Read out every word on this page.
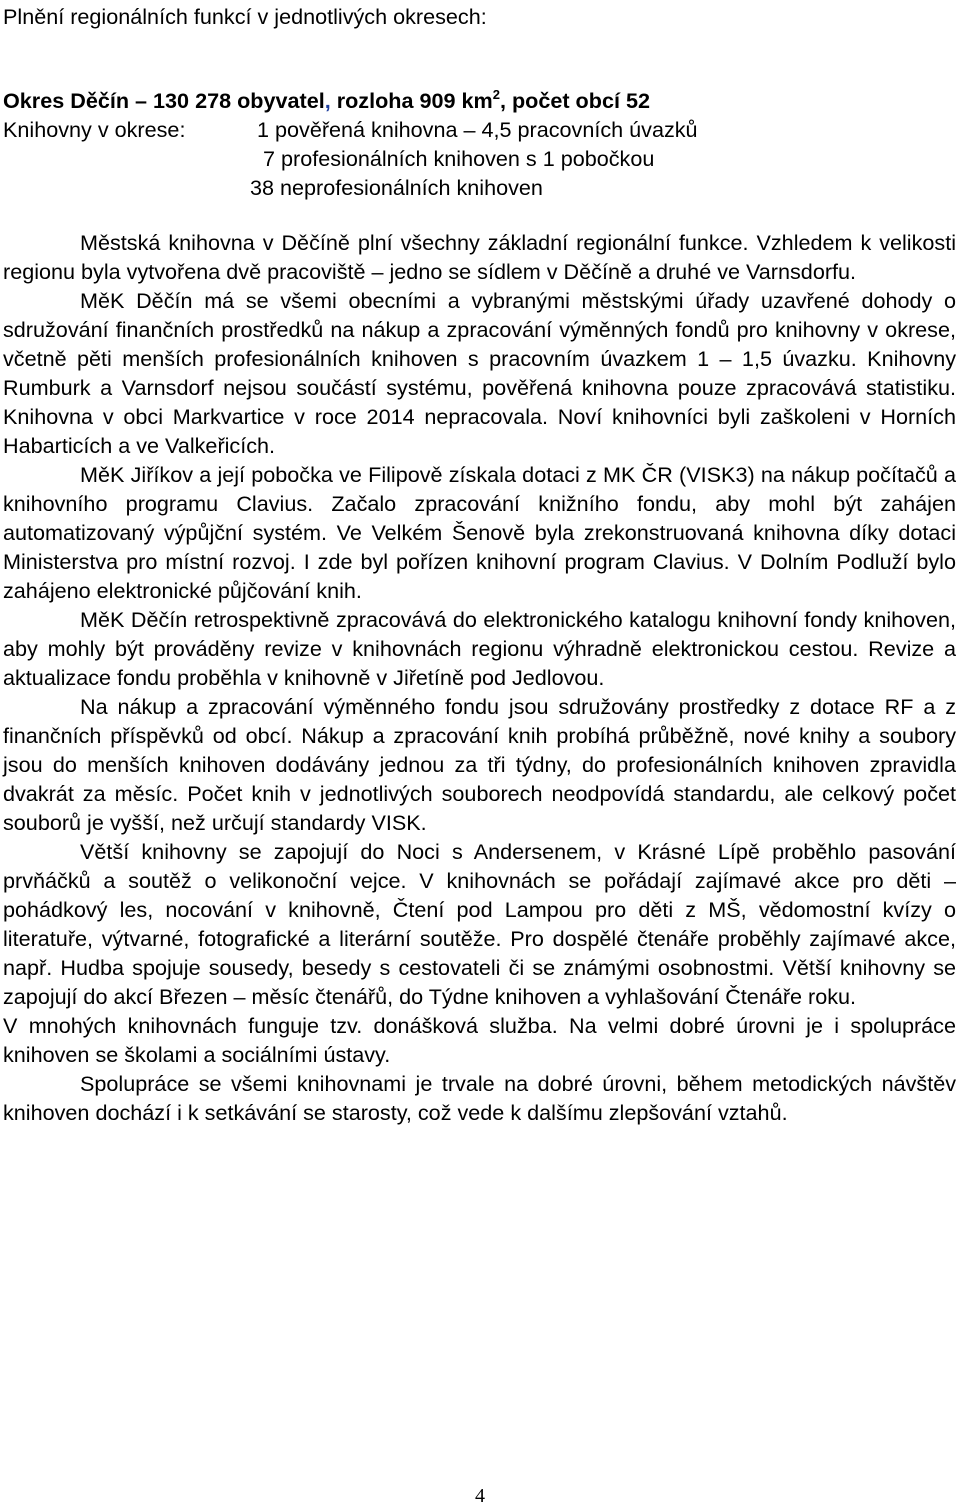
Plnění regionálních funkcí v jednotlivých okresech:

Okres Děčín – 130 278 obyvatel, rozloha 909 $km^2$, počet obcí 52

Knihovny v okrese:	1 pověřená knihovna – 4,5 pracovních úvazků
7 profesionálních knihoven s 1 pobočkou
38 neprofesionálních knihoven

Městská knihovna v Děčíně plní všechny základní regionální funkce. Vzhledem k velikosti regionu byla vytvořena dvě pracoviště – jedno se sídlem v Děčíně a druhé ve Varnsdorfu.

MěK Děčín má se všemi obecními a vybranými městskými úřady uzavřené dohody o sdružování finančních prostředků na nákup a zpracování výměnných fondů pro knihovny v okrese, včetně pěti menších profesionálních knihoven s pracovním úvazkem 1 – 1,5 úvazku. Knihovny Rumburk a Varnsdorf nejsou součástí systému, pověřená knihovna pouze zpracovává statistiku. Knihovna v obci Markvartice v roce 2014 nepracovala. Noví knihovníci byli zaškoleni v Horních Habarticích a ve Valkeřicích.

MěK Jiříkov a její pobočka ve Filipově získala dotaci z MK ČR (VISK3) na nákup počítačů a knihovního programu Clavius. Začalo zpracování knižního fondu, aby mohl být zahájen automatizovaný výpůjční systém. Ve Velkém Šenově byla zrekonstruovaná knihovna díky dotaci Ministerstva pro místní rozvoj. I zde byl pořízen knihovní program Clavius. V Dolním Podluží bylo zahájeno elektronické půjčování knih.

MěK Děčín retrospektivně zpracovává do elektronického katalogu knihovní fondy knihoven, aby mohly být prováděny revize v knihovnách regionu výhradně elektronickou cestou. Revize a aktualizace fondu proběhla v knihovně v Jiřetíně pod Jedlovou.

Na nákup a zpracování výměnného fondu jsou sdružovány prostředky z dotace RF a z finančních příspěvků od obcí. Nákup a zpracování knih probíhá průběžně, nové knihy a soubory jsou do menších knihoven dodávány jednou za tři týdny, do profesionálních knihoven zpravidla dvakrát za měsíc. Počet knih v jednotlivých souborech neodpovídá standardu, ale celkový počet souborů je vyšší, než určují standardy VISK.

Větší knihovny se zapojují do Noci s Andersenem, v Krásné Lípě proběhlo pasování prvňáčků a soutěž o velikonoční vejce. V knihovnách se pořádají zajímavé akce pro děti – pohádkový les, nocování v knihovně, Čtení pod Lampou pro děti z MŠ, vědomostní kvízy o literatuře, výtvarné, fotografické a literární soutěže. Pro dospělé čtenáře proběhly zajímavé akce, např. Hudba spojuje sousedy, besedy s cestovateli či se známými osobnostmi. Větší knihovny se zapojují do akcí Březen – měsíc čtenářů, do Týdne knihoven a vyhlašování Čtenáře roku.

V mnohých knihovnách funguje tzv. donášková služba. Na velmi dobré úrovni je i spolupráce knihoven se školami a sociálními ústavy.

Spolupráce se všemi knihovnami je trvale na dobré úrovni, během metodických návštěv knihoven dochází i k setkávání se starosty, což vede k dalšímu zlepšování vztahů.

4
